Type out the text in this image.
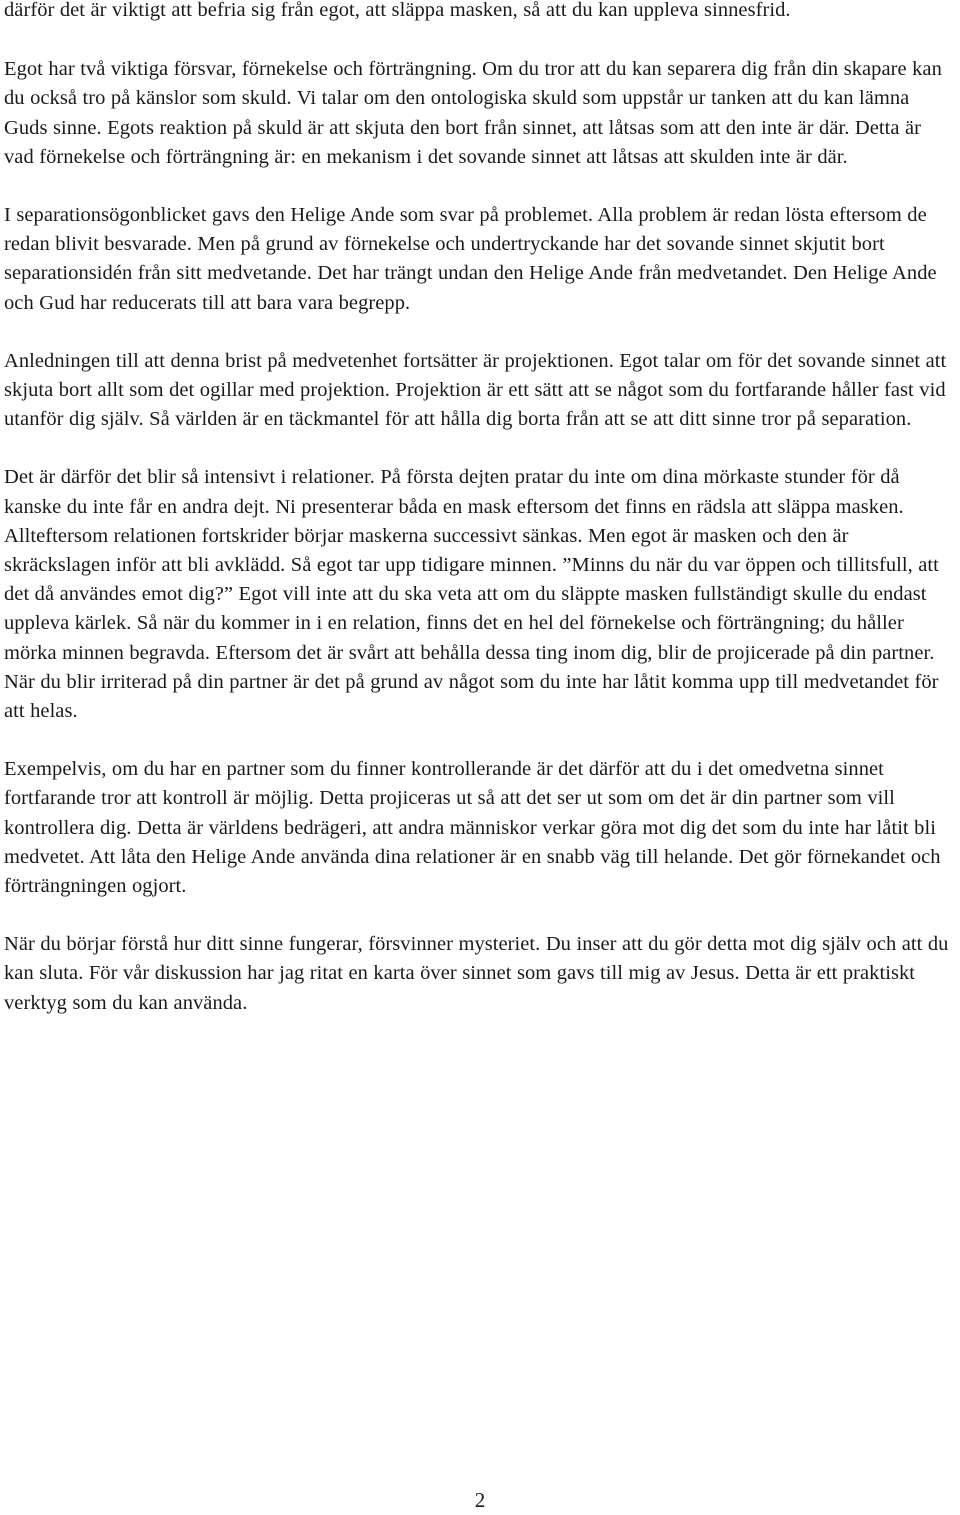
därför det är viktigt att befria sig från egot, att släppa masken, så att du kan uppleva sinnesfrid.

Egot har två viktiga försvar, förnekelse och förträngning. Om du tror att du kan separera dig från din skapare kan du också tro på känslor som skuld. Vi talar om den ontologiska skuld som uppstår ur tanken att du kan lämna Guds sinne. Egots reaktion på skuld är att skjuta den bort från sinnet, att låtsas som att den inte är där. Detta är vad förnekelse och förträngning är: en mekanism i det sovande sinnet att låtsas att skulden inte är där.

I separationsögonblicket gavs den Helige Ande som svar på problemet. Alla problem är redan lösta eftersom de redan blivit besvarade. Men på grund av förnekelse och undertryckande har det sovande sinnet skjutit bort separationsidén från sitt medvetande. Det har trängt undan den Helige Ande från medvetandet. Den Helige Ande och Gud har reducerats till att bara vara begrepp.

Anledningen till att denna brist på medvetenhet fortsätter är projektionen. Egot talar om för det sovande sinnet att skjuta bort allt som det ogillar med projektion. Projektion är ett sätt att se något som du fortfarande håller fast vid utanför dig själv. Så världen är en täckmantel för att hålla dig borta från att se att ditt sinne tror på separation.

Det är därför det blir så intensivt i relationer. På första dejten pratar du inte om dina mörkaste stunder för då kanske du inte får en andra dejt. Ni presenterar båda en mask eftersom det finns en rädsla att släppa masken. Allteftersom relationen fortskrider börjar maskerna successivt sänkas. Men egot är masken och den är skräckslagen inför att bli avklädd. Så egot tar upp tidigare minnen. ”Minns du när du var öppen och tillitsfull, att det då användes emot dig?” Egot vill inte att du ska veta att om du släppte masken fullständigt skulle du endast uppleva kärlek. Så när du kommer in i en relation, finns det en hel del förnekelse och förträngning; du håller mörka minnen begravda. Eftersom det är svårt att behålla dessa ting inom dig, blir de projicerade på din partner. När du blir irriterad på din partner är det på grund av något som du inte har låtit komma upp till medvetandet för att helas.

Exempelvis, om du har en partner som du finner kontrollerande är det därför att du i det omedvetna sinnet fortfarande tror att kontroll är möjlig. Detta projiceras ut så att det ser ut som om det är din partner som vill kontrollera dig. Detta är världens bedrägeri, att andra människor verkar göra mot dig det som du inte har låtit bli medvetet. Att låta den Helige Ande använda dina relationer är en snabb väg till helande. Det gör förnekandet och förträngningen ogjort.

När du börjar förstå hur ditt sinne fungerar, försvinner mysteriet. Du inser att du gör detta mot dig själv och att du kan sluta. För vår diskussion har jag ritat en karta över sinnet som gavs till mig av Jesus. Detta är ett praktiskt verktyg som du kan använda.

2
